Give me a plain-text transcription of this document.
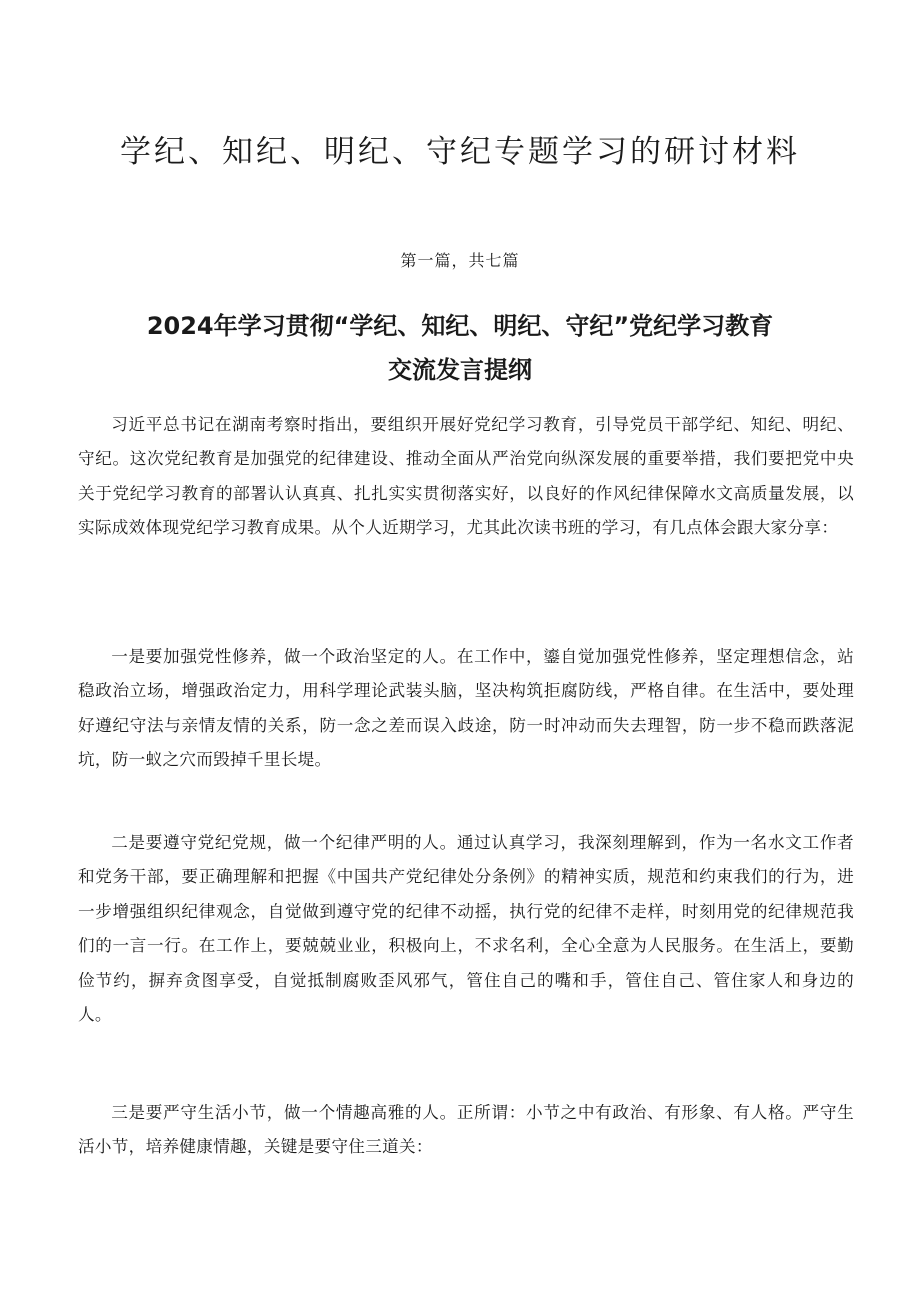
学纪、知纪、明纪、守纪专题学习的研讨材料
第一篇，共七篇
2024年学习贯彻“学纪、知纪、明纪、守纪”党纪学习教育
交流发言提纲

习近平总书记在湖南考察时指出，要组织开展好党纪学习教育，引导党员干部学纪、知纪、明纪、守纪。这次党纪教育是加强党的纪律建设、推动全面从严治党向纵深发展的重要举措，我们要把党中央关于党纪学习教育的部署认认真真、扎扎实实贯彻落实好，以良好的作风纪律保障水文高质量发展，以实际成效体现党纪学习教育成果。从个人近期学习，尤其此次读书班的学习，有几点体会跟大家分享：

一是要加强党性修养，做一个政治坚定的人。在工作中，鎏自觉加强党性修养，坚定理想信念，站稳政治立场，增强政治定力，用科学理论武装头脑，坚决构筑拒腐防线，严格自律。在生活中，要处理好遵纪守法与亲情友情的关系，防一念之差而误入歧途，防一时冲动而失去理智，防一步不稳而跌落泥坑，防一蚁之穴而毁掉千里长堤。

二是要遵守党纪党规，做一个纪律严明的人。通过认真学习，我深刻理解到，作为一名水文工作者和党务干部，要正确理解和把握《中国共产党纪律处分条例》的精神实质，规范和约束我们的行为，进一步增强组织纪律观念，自觉做到遵守党的纪律不动摇，执行党的纪律不走样，时刻用党的纪律规范我们的一言一行。在工作上，要兢兢业业，积极向上，不求名利，全心全意为人民服务。在生活上，要勤俭节约，摒弃贪图享受，自觉抵制腐败歪风邪气，管住自己的嘴和手，管住自己、管住家人和身边的人。

三是要严守生活小节，做一个情趣高雅的人。正所谓：小节之中有政治、有形象、有人格。严守生活小节，培养健康情趣，关键是要守住三道关：
